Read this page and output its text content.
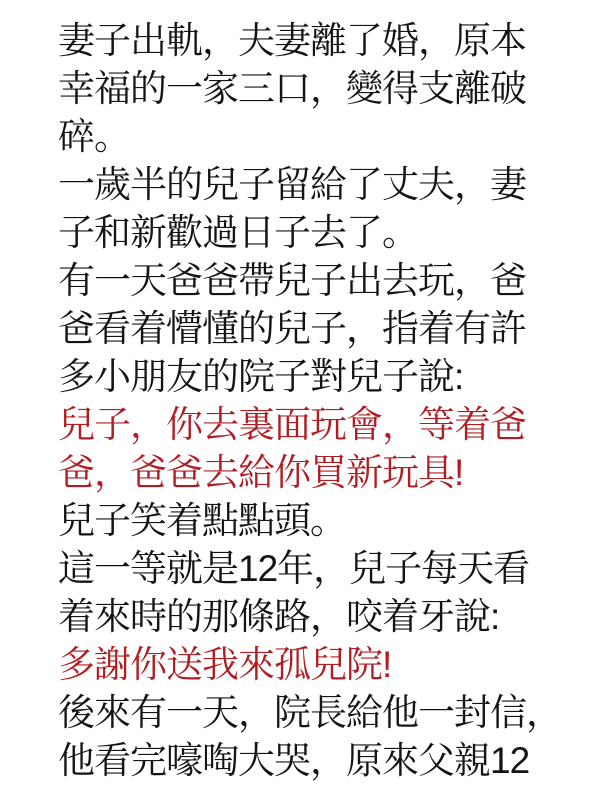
妻子出軌，夫妻離了婚，原本
幸福的一家三口，變得支離破
碎。
一歲半的兒子留給了丈夫，妻
子和新歡過日子去了。
有一天爸爸帶兒子出去玩，爸
爸看着懵懂的兒子，指着有許
多小朋友的院子對兒子說:
兒子，你去裏面玩會，等着爸
爸，爸爸去給你買新玩具!
兒子笑着點點頭。
這一等就是12年，兒子每天看
着來時的那條路，咬着牙說:
多謝你送我來孤兒院!
後來有一天，院長給他一封信，
他看完嚎啕大哭，原來父親12
